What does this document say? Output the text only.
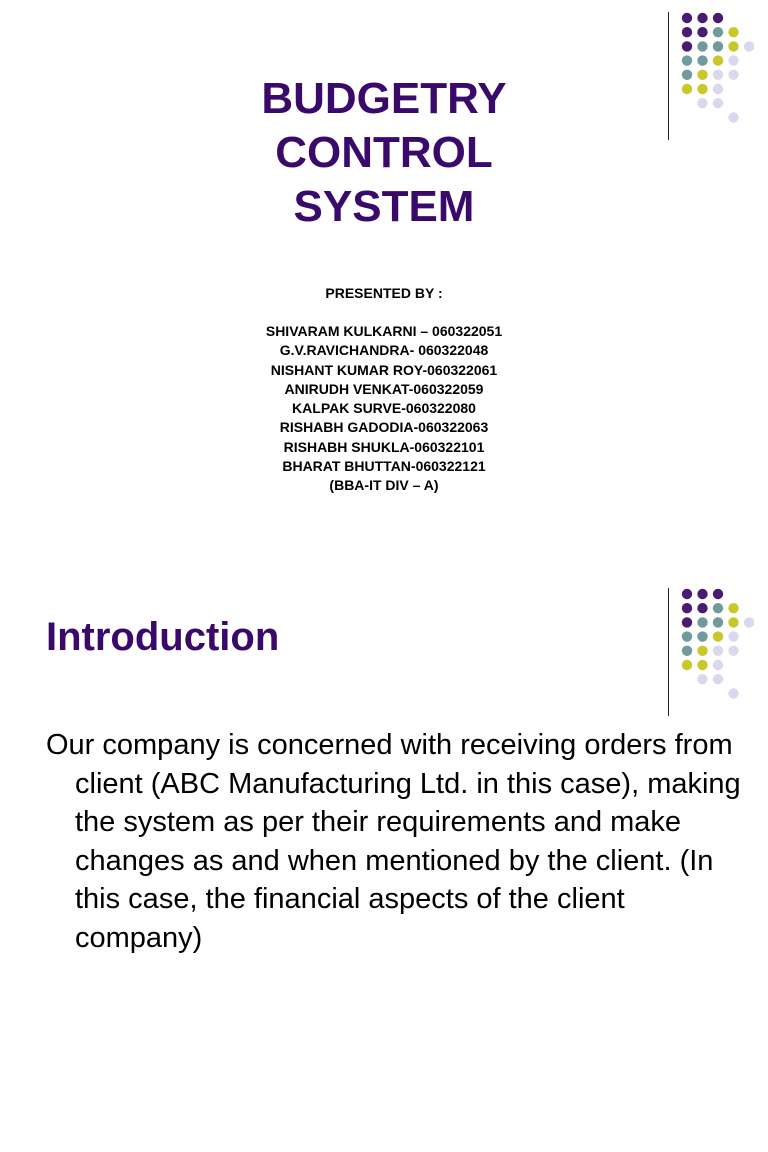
BUDGETRY
CONTROL
SYSTEM
PRESENTED BY :
SHIVARAM KULKARNI – 060322051
G.V.RAVICHANDRA- 060322048
NISHANT KUMAR ROY-060322061
ANIRUDH VENKAT-060322059
KALPAK SURVE-060322080
RISHABH GADODIA-060322063
RISHABH SHUKLA-060322101
BHARAT BHUTTAN-060322121
(BBA-IT DIV – A)
Introduction

Our company is concerned with receiving orders from client (ABC Manufacturing Ltd. in this case), making the system as per their requirements and make changes as and when mentioned by the client. (In this case, the financial aspects of the client company)
